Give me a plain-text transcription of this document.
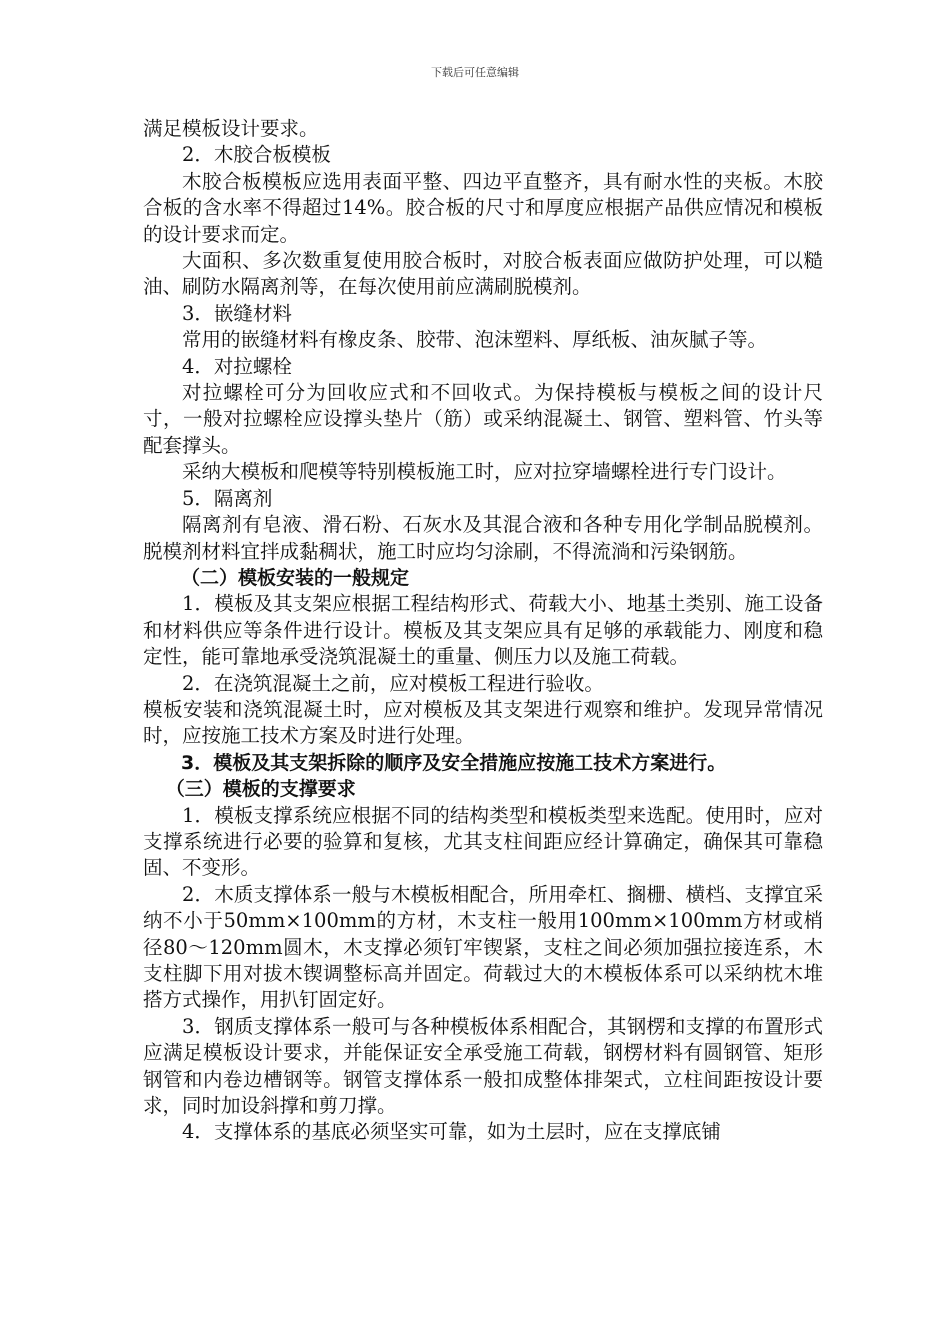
下载后可任意编辑

满足模板设计要求。

2．木胶合板模板

木胶合板模板应选用表面平整、四边平直整齐，具有耐水性的夹板。木胶合板的含水率不得超过14%。胶合板的尺寸和厚度应根据产品供应情况和模板的设计要求而定。

大面积、多次数重复使用胶合板时，对胶合板表面应做防护处理，可以糙油、刷防水隔离剂等，在每次使用前应满刷脱模剂。

3．嵌缝材料

常用的嵌缝材料有橡皮条、胶带、泡沫塑料、厚纸板、油灰腻子等。

4．对拉螺栓

对拉螺栓可分为回收应式和不回收式。为保持模板与模板之间的设计尺寸，一般对拉螺栓应设撑头垫片（筋）或采纳混凝土、钢管、塑料管、竹头等配套撑头。

采纳大模板和爬模等特别模板施工时，应对拉穿墙螺栓进行专门设计。

5．隔离剂

隔离剂有皂液、滑石粉、石灰水及其混合液和各种专用化学制品脱模剂。脱模剂材料宜拌成黏稠状，施工时应均匀涂刷，不得流淌和污染钢筋。

（二）模板安装的一般规定

1．模板及其支架应根据工程结构形式、荷载大小、地基土类别、施工设备和材料供应等条件进行设计。模板及其支架应具有足够的承载能力、刚度和稳定性，能可靠地承受浇筑混凝土的重量、侧压力以及施工荷载。

2．在浇筑混凝土之前，应对模板工程进行验收。

模板安装和浇筑混凝土时，应对模板及其支架进行观察和维护。发现异常情况时，应按施工技术方案及时进行处理。

3．模板及其支架拆除的顺序及安全措施应按施工技术方案进行。

（三）模板的支撑要求

1．模板支撑系统应根据不同的结构类型和模板类型来选配。使用时，应对支撑系统进行必要的验算和复核，尤其支柱间距应经计算确定，确保其可靠稳固、不变形。

2．木质支撑体系一般与木模板相配合，所用牵杠、搁栅、横档、支撑宜采纳不小于50mm×100mm的方材，木支柱一般用100mm×100mm方材或梢径80～120mm圆木，木支撑必须钉牢锲紧，支柱之间必须加强拉接连系，木支柱脚下用对拔木锲调整标高并固定。荷载过大的木模板体系可以采纳枕木堆搭方式操作，用扒钉固定好。

3．钢质支撑体系一般可与各种模板体系相配合，其钢楞和支撑的布置形式应满足模板设计要求，并能保证安全承受施工荷载，钢楞材料有圆钢管、矩形钢管和内卷边槽钢等。钢管支撑体系一般扣成整体排架式，立柱间距按设计要求，同时加设斜撑和剪刀撑。

4．支撑体系的基底必须坚实可靠，如为土层时，应在支撑底铺
